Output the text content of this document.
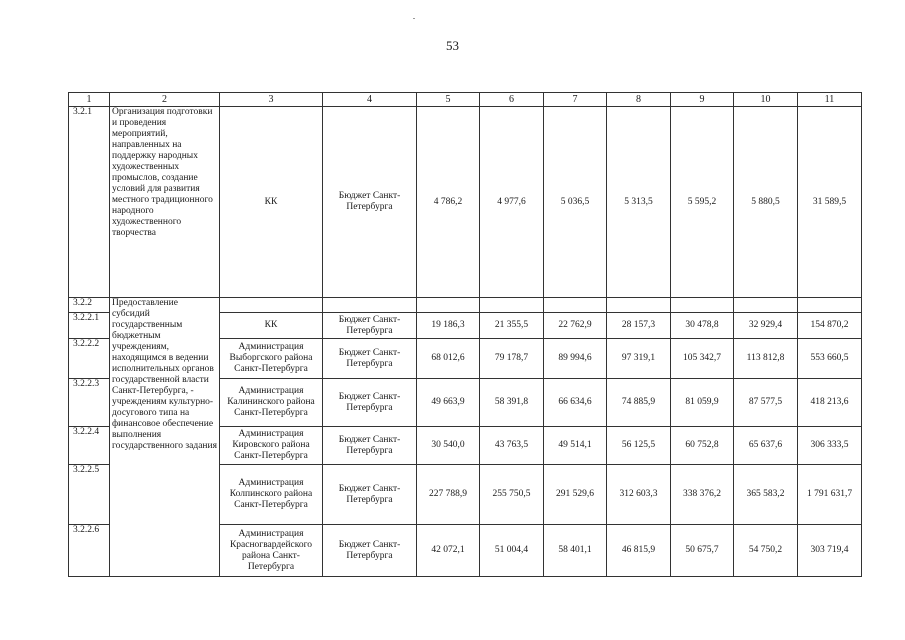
53
1	2	3	4	5	6	7	8	9	10	11
3.2.1	Организация подготовки и проведения мероприятий, направленных на поддержку народных художественных промыслов, создание условий для развития местного традиционного народного художественного творчества	КК	Бюджет Санкт-Петербурга	4 786,2	4 977,6	5 036,5	5 313,5	5 595,2	5 880,5	31 589,5
3.2.2	Предоставление субсидий государственным бюджетным учреждениям, находящимся в ведении исполнительных органов государственной власти Санкт-Петербурга, - учреждениям культурно-досугового типа на финансовое обеспечение выполнения государственного задания									
3.2.2.1		КК	Бюджет Санкт-Петербурга	19 186,3	21 355,5	22 762,9	28 157,3	30 478,8	32 929,4	154 870,2
3.2.2.2		Администрация Выборгского района Санкт-Петербурга	Бюджет Санкт-Петербурга	68 012,6	79 178,7	89 994,6	97 319,1	105 342,7	113 812,8	553 660,5
3.2.2.3		Администрация Калининского района Санкт-Петербурга	Бюджет Санкт-Петербурга	49 663,9	58 391,8	66 634,6	74 885,9	81 059,9	87 577,5	418 213,6
3.2.2.4		Администрация Кировского района Санкт-Петербурга	Бюджет Санкт-Петербурга	30 540,0	43 763,5	49 514,1	56 125,5	60 752,8	65 637,6	306 333,5
3.2.2.5		Администрация Колпинского района Санкт-Петербурга	Бюджет Санкт-Петербурга	227 788,9	255 750,5	291 529,6	312 603,3	338 376,2	365 583,2	1 791 631,7
3.2.2.6		Администрация Красногвардейского района Санкт-Петербурга	Бюджет Санкт-Петербурга	42 072,1	51 004,4	58 401,1	46 815,9	50 675,7	54 750,2	303 719,4
